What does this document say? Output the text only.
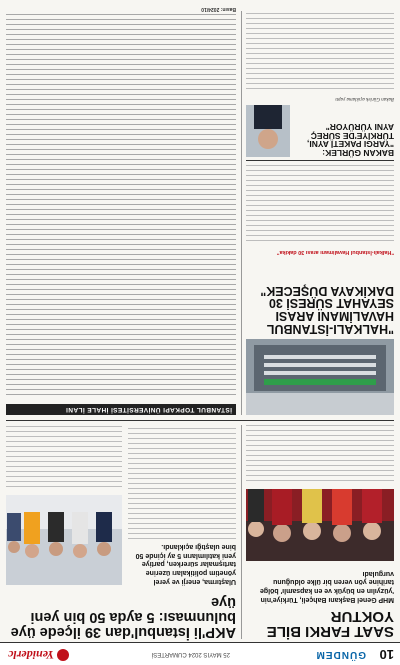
10
GÜNDEM
25 MAYIS 2024 CUMARTESİ
Yeniderlc
SAAT FARKI BİLE YOKTUR
MHP Genel Başkanı Bahçeli, Türkiye'nin 'yüzyılın en büyük ve en kapsamlı' bölge tarihine yön veren bir ülke olduğunu vurguladı
AKP'li İstanbul'dan 39 ilçede üye bulunması: 5 ayda 50 bin yeni üye
Ulaştırma, enerji ve yerel yönetim politikaları üzerine tartışmalar sürerken, partiye yeni katılımların 5 ay içinde 50 bine ulaştığı açıklandı.
İSTANBUL TOPKAPI ÜNİVERSİTESİ İHALE İLANI
Basın: 2024/10
"HALKALI-İSTANBUL HAVALİMANI ARASI SEYAHAT SÜRESİ 30 DAKİKAYA DÜŞECEK"
"Halkalı-İstanbul Havalimanı arası 30 dakika"
BAKAN GÜRLEK: "YARGI PAKETİ AYNI, TÜRKİYE'DE SÜREÇ AYNI YÜRÜYOR"
Bakan Gürlek açıklama yaptı
